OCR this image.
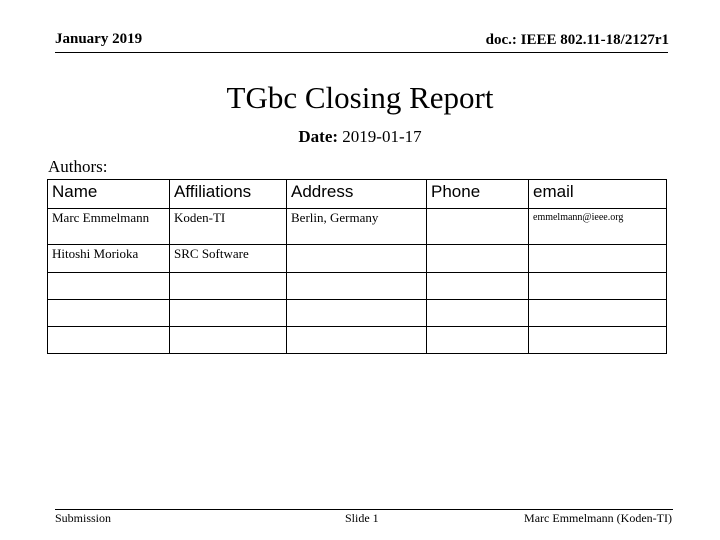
January 2019	doc.: IEEE 802.11-18/2127r1
TGbc Closing Report
Date: 2019-01-17
Authors:
Name	Affiliations	Address	Phone	email
Marc Emmelmann	Koden-TI	Berlin, Germany		emmelmann@ieee.org
Hitoshi Morioka	SRC Software			

Submission	Slide 1	Marc Emmelmann (Koden-TI)
